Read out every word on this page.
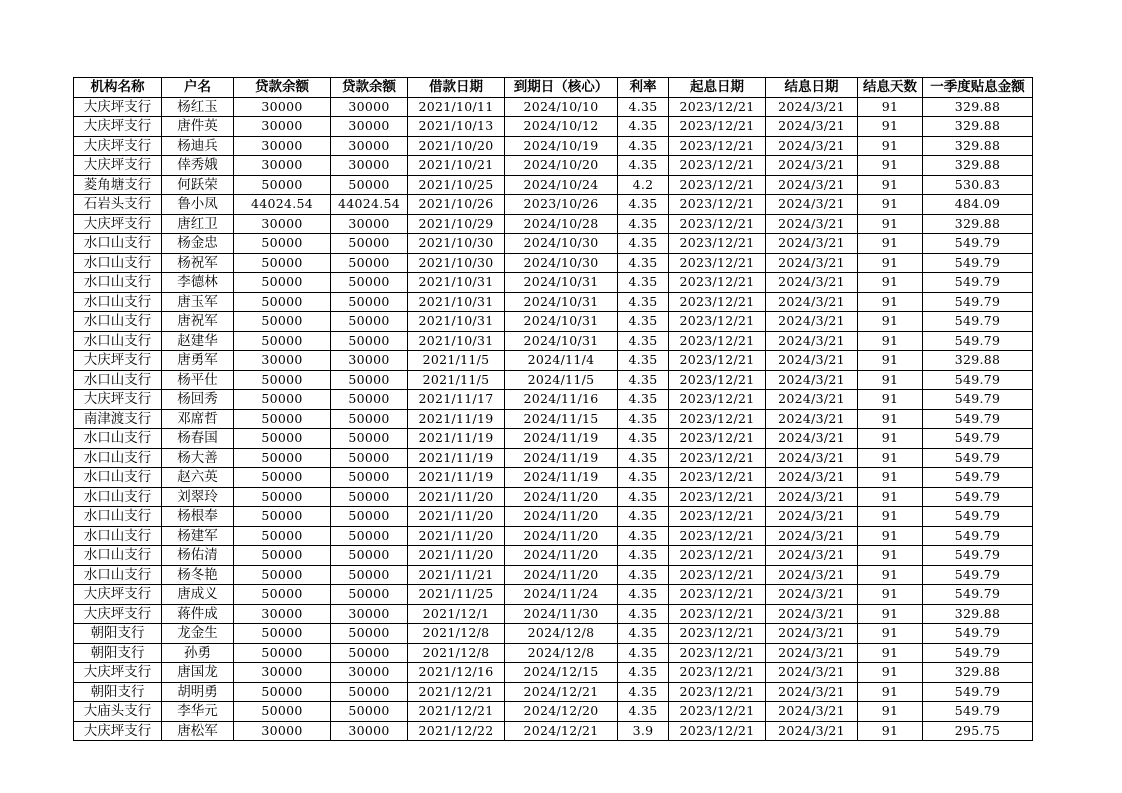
机构名称	户名	贷款余额	贷款余额	借款日期	到期日（核心）	利率	起息日期	结息日期	结息天数	一季度贴息金额
大庆坪支行	杨红玉	30000	30000	2021/10/11	2024/10/10	4.35	2023/12/21	2024/3/21	91	329.88
大庆坪支行	唐件英	30000	30000	2021/10/13	2024/10/12	4.35	2023/12/21	2024/3/21	91	329.88
大庆坪支行	杨迪兵	30000	30000	2021/10/20	2024/10/19	4.35	2023/12/21	2024/3/21	91	329.88
大庆坪支行	倖秀娥	30000	30000	2021/10/21	2024/10/20	4.35	2023/12/21	2024/3/21	91	329.88
菱角塘支行	何跃荣	50000	50000	2021/10/25	2024/10/24	4.2	2023/12/21	2024/3/21	91	530.83
石岩头支行	鲁小凤	44024.54	44024.54	2021/10/26	2023/10/26	4.35	2023/12/21	2024/3/21	91	484.09
大庆坪支行	唐红卫	30000	30000	2021/10/29	2024/10/28	4.35	2023/12/21	2024/3/21	91	329.88
水口山支行	杨金忠	50000	50000	2021/10/30	2024/10/30	4.35	2023/12/21	2024/3/21	91	549.79
水口山支行	杨祝军	50000	50000	2021/10/30	2024/10/30	4.35	2023/12/21	2024/3/21	91	549.79
水口山支行	李德林	50000	50000	2021/10/31	2024/10/31	4.35	2023/12/21	2024/3/21	91	549.79
水口山支行	唐玉军	50000	50000	2021/10/31	2024/10/31	4.35	2023/12/21	2024/3/21	91	549.79
水口山支行	唐祝军	50000	50000	2021/10/31	2024/10/31	4.35	2023/12/21	2024/3/21	91	549.79
水口山支行	赵建华	50000	50000	2021/10/31	2024/10/31	4.35	2023/12/21	2024/3/21	91	549.79
大庆坪支行	唐勇军	30000	30000	2021/11/5	2024/11/4	4.35	2023/12/21	2024/3/21	91	329.88
水口山支行	杨平仕	50000	50000	2021/11/5	2024/11/5	4.35	2023/12/21	2024/3/21	91	549.79
大庆坪支行	杨回秀	50000	50000	2021/11/17	2024/11/16	4.35	2023/12/21	2024/3/21	91	549.79
南津渡支行	邓席哲	50000	50000	2021/11/19	2024/11/15	4.35	2023/12/21	2024/3/21	91	549.79
水口山支行	杨春国	50000	50000	2021/11/19	2024/11/19	4.35	2023/12/21	2024/3/21	91	549.79
水口山支行	杨大善	50000	50000	2021/11/19	2024/11/19	4.35	2023/12/21	2024/3/21	91	549.79
水口山支行	赵六英	50000	50000	2021/11/19	2024/11/19	4.35	2023/12/21	2024/3/21	91	549.79
水口山支行	刘翠玲	50000	50000	2021/11/20	2024/11/20	4.35	2023/12/21	2024/3/21	91	549.79
水口山支行	杨根奉	50000	50000	2021/11/20	2024/11/20	4.35	2023/12/21	2024/3/21	91	549.79
水口山支行	杨建军	50000	50000	2021/11/20	2024/11/20	4.35	2023/12/21	2024/3/21	91	549.79
水口山支行	杨佑清	50000	50000	2021/11/20	2024/11/20	4.35	2023/12/21	2024/3/21	91	549.79
水口山支行	杨冬艳	50000	50000	2021/11/21	2024/11/20	4.35	2023/12/21	2024/3/21	91	549.79
大庆坪支行	唐成义	50000	50000	2021/11/25	2024/11/24	4.35	2023/12/21	2024/3/21	91	549.79
大庆坪支行	蒋件成	30000	30000	2021/12/1	2024/11/30	4.35	2023/12/21	2024/3/21	91	329.88
朝阳支行	龙金生	50000	50000	2021/12/8	2024/12/8	4.35	2023/12/21	2024/3/21	91	549.79
朝阳支行	孙勇	50000	50000	2021/12/8	2024/12/8	4.35	2023/12/21	2024/3/21	91	549.79
大庆坪支行	唐国龙	30000	30000	2021/12/16	2024/12/15	4.35	2023/12/21	2024/3/21	91	329.88
朝阳支行	胡明勇	50000	50000	2021/12/21	2024/12/21	4.35	2023/12/21	2024/3/21	91	549.79
大庙头支行	李华元	50000	50000	2021/12/21	2024/12/20	4.35	2023/12/21	2024/3/21	91	549.79
大庆坪支行	唐松军	30000	30000	2021/12/22	2024/12/21	3.9	2023/12/21	2024/3/21	91	295.75
